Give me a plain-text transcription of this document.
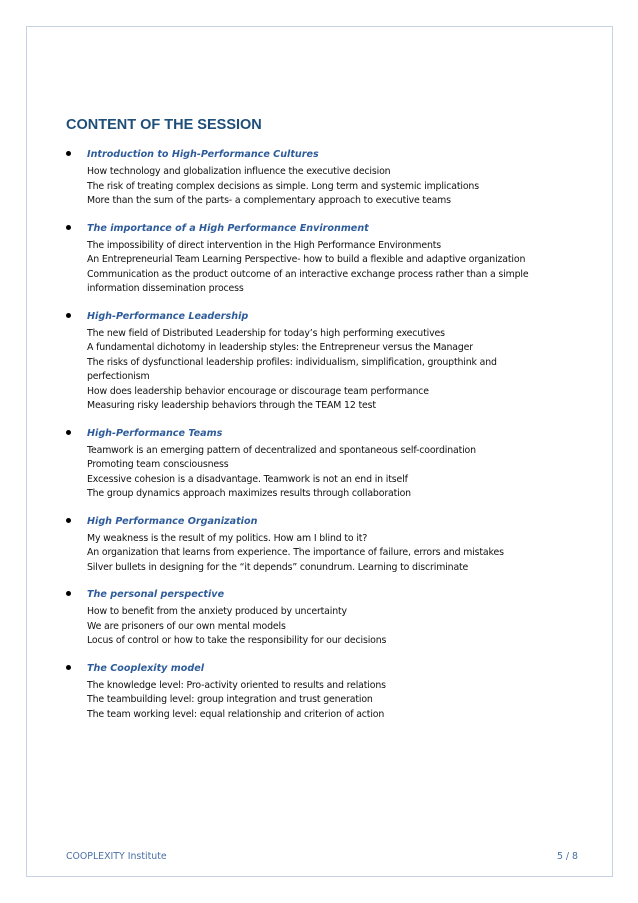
CONTENT OF THE SESSION

Introduction to High-Performance Cultures

How technology and globalization influence the executive decision

The risk of treating complex decisions as simple. Long term and systemic implications

More than the sum of the parts- a complementary approach to executive teams

The importance of a High Performance Environment

The impossibility of direct intervention in the High Performance Environments

An Entrepreneurial Team Learning Perspective- how to build a flexible and adaptive organization

Communication as the product outcome of an interactive exchange process rather than a simple

information dissemination process

High-Performance Leadership

The new field of Distributed Leadership for today’s high performing executives

A fundamental dichotomy in leadership styles: the Entrepreneur versus the Manager

The risks of dysfunctional leadership profiles: individualism, simplification, groupthink and

perfectionism

How does leadership behavior encourage or discourage team performance

Measuring risky leadership behaviors through the TEAM 12 test

High-Performance Teams

Teamwork is an emerging pattern of decentralized and spontaneous self-coordination

Promoting team consciousness

Excessive cohesion is a disadvantage. Teamwork is not an end in itself

The group dynamics approach maximizes results through collaboration

High Performance Organization

My weakness is the result of my politics. How am I blind to it?

An organization that learns from experience. The importance of failure, errors and mistakes

Silver bullets in designing for the “it depends” conundrum. Learning to discriminate

The personal perspective

How to benefit from the anxiety produced by uncertainty

We are prisoners of our own mental models

Locus of control or how to take the responsibility for our decisions

The Cooplexity model

The knowledge level: Pro-activity oriented to results and relations

The teambuilding level: group integration and trust generation

The team working level: equal relationship and criterion of action

COOPLEXITY Institute	5 / 8
